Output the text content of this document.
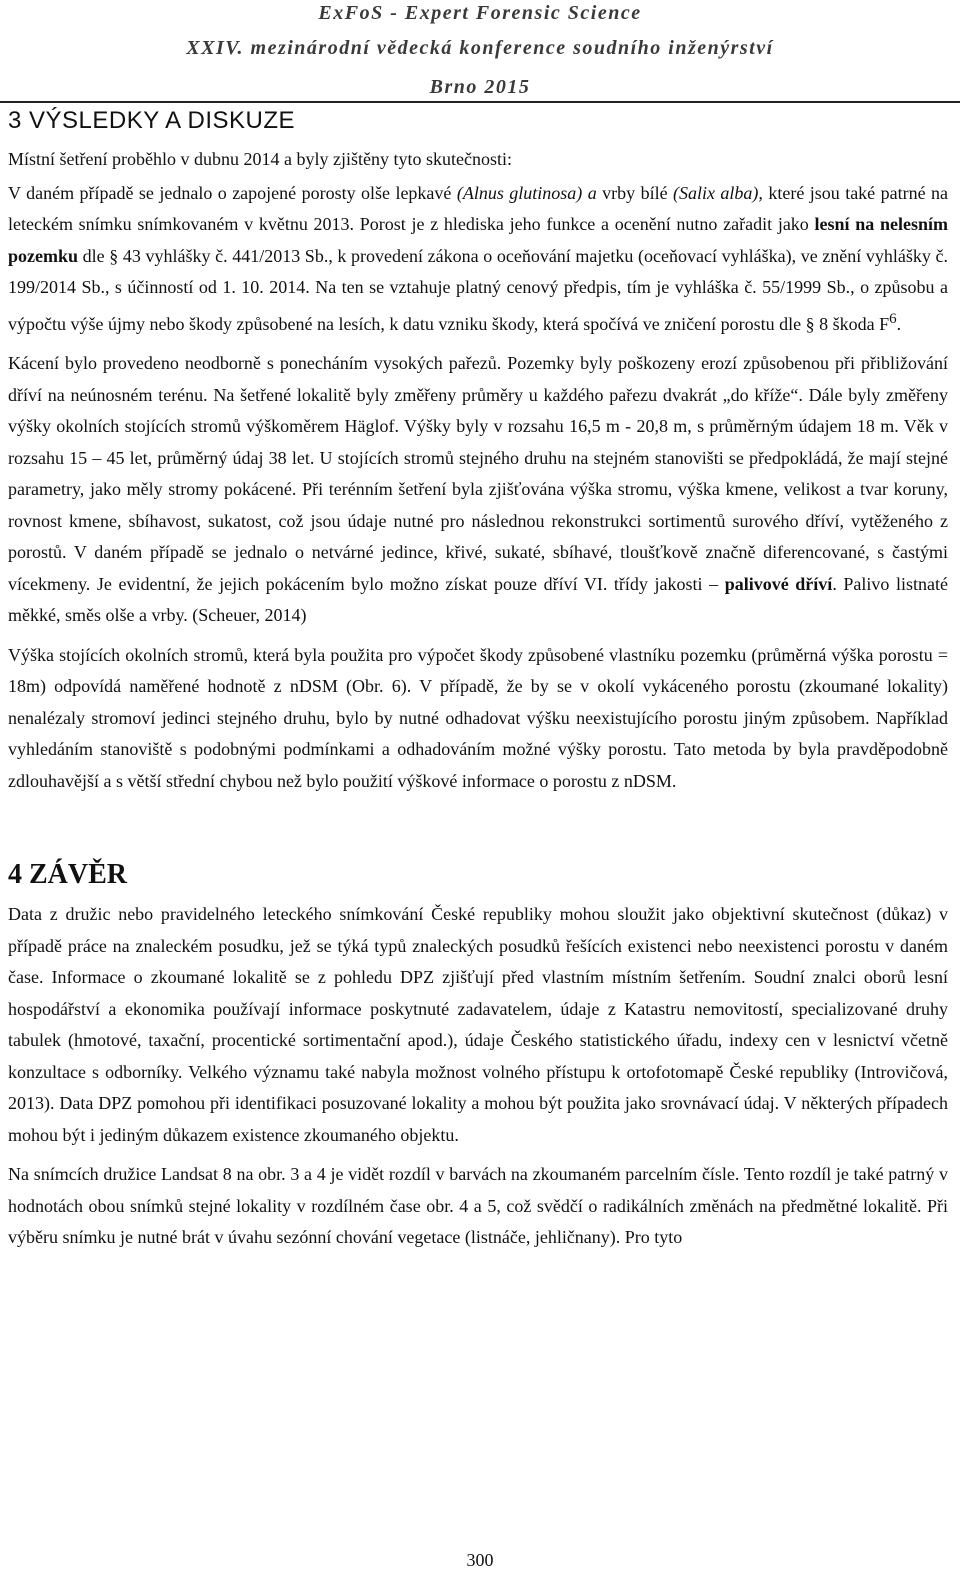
ExFoS - Expert Forensic Science
XXIV. mezinárodní vědecká konference soudního inženýrství
Brno 2015
3 VÝSLEDKY A DISKUZE

Místní šetření proběhlo v dubnu 2014 a byly zjištěny tyto skutečnosti:

V daném případě se jednalo o zapojené porosty olše lepkavé (Alnus glutinosa) a vrby bílé (Salix alba), které jsou také patrné na leteckém snímku snímkovaném v květnu 2013. Porost je z hlediska jeho funkce a ocenění nutno zařadit jako lesní na nelesním pozemku dle § 43 vyhlášky č. 441/2013 Sb., k provedení zákona o oceňování majetku (oceňovací vyhláška), ve znění vyhlášky č. 199/2014 Sb., s účinností od 1. 10. 2014. Na ten se vztahuje platný cenový předpis, tím je vyhláška č. 55/1999 Sb., o způsobu a výpočtu výše újmy nebo škody způsobené na lesích, k datu vzniku škody, která spočívá ve zničení porostu dle § 8 škoda $F^6$.

Kácení bylo provedeno neodborně s ponecháním vysokých pařezů. Pozemky byly poškozeny erozí způsobenou při přibližování dříví na neúnosném terénu. Na šetřené lokalitě byly změřeny průměry u každého pařezu dvakrát „do kříže“. Dále byly změřeny výšky okolních stojících stromů výškoměrem Häglof. Výšky byly v rozsahu 16,5 m - 20,8 m, s průměrným údajem 18 m. Věk v rozsahu 15 – 45 let, průměrný údaj 38 let. U stojících stromů stejného druhu na stejném stanovišti se předpokládá, že mají stejné parametry, jako měly stromy pokácené. Při terénním šetření byla zjišťována výška stromu, výška kmene, velikost a tvar koruny, rovnost kmene, sbíhavost, sukatost, což jsou údaje nutné pro následnou rekonstrukci sortimentů surového dříví, vytěženého z porostů. V daném případě se jednalo o netvárné jedince, křivé, sukaté, sbíhavé, tloušťkově značně diferencované, s častými vícekmeny. Je evidentní, že jejich pokácením bylo možno získat pouze dříví VI. třídy jakosti – palivové dříví. Palivo listnaté měkké, směs olše a vrby. (Scheuer, 2014)

Výška stojících okolních stromů, která byla použita pro výpočet škody způsobené vlastníku pozemku (průměrná výška porostu = 18m) odpovídá naměřené hodnotě z nDSM (Obr. 6). V případě, že by se v okolí vykáceného porostu (zkoumané lokality) nenalézaly stromoví jedinci stejného druhu, bylo by nutné odhadovat výšku neexistujícího porostu jiným způsobem. Například vyhledáním stanoviště s podobnými podmínkami a odhadováním možné výšky porostu. Tato metoda by byla pravděpodobně zdlouhavější a s větší střední chybou než bylo použití výškové informace o porostu z nDSM.

4 ZÁVĚR

Data z družic nebo pravidelného leteckého snímkování České republiky mohou sloužit jako objektivní skutečnost (důkaz) v případě práce na znaleckém posudku, jež se týká typů znaleckých posudků řešících existenci nebo neexistenci porostu v daném čase. Informace o zkoumané lokalitě se z pohledu DPZ zjišťují před vlastním místním šetřením. Soudní znalci oborů lesní hospodářství a ekonomika používají informace poskytnuté zadavatelem, údaje z Katastru nemovitostí, specializované druhy tabulek (hmotové, taxační, procentické sortimentační apod.), údaje Českého statistického úřadu, indexy cen v lesnictví včetně konzultace s odborníky. Velkého významu také nabyla možnost volného přístupu k ortofotomapě České republiky (Introvičová, 2013). Data DPZ pomohou při identifikaci posuzované lokality a mohou být použita jako srovnávací údaj. V některých případech mohou být i jediným důkazem existence zkoumaného objektu.

Na snímcích družice Landsat 8 na obr. 3 a 4 je vidět rozdíl v barvách na zkoumaném parcelním čísle. Tento rozdíl je také patrný v hodnotách obou snímků stejné lokality v rozdílném čase obr. 4 a 5, což svědčí o radikálních změnách na předmětné lokalitě. Při výběru snímku je nutné brát v úvahu sezónní chování vegetace (listnáče, jehličnany). Pro tyto

300
